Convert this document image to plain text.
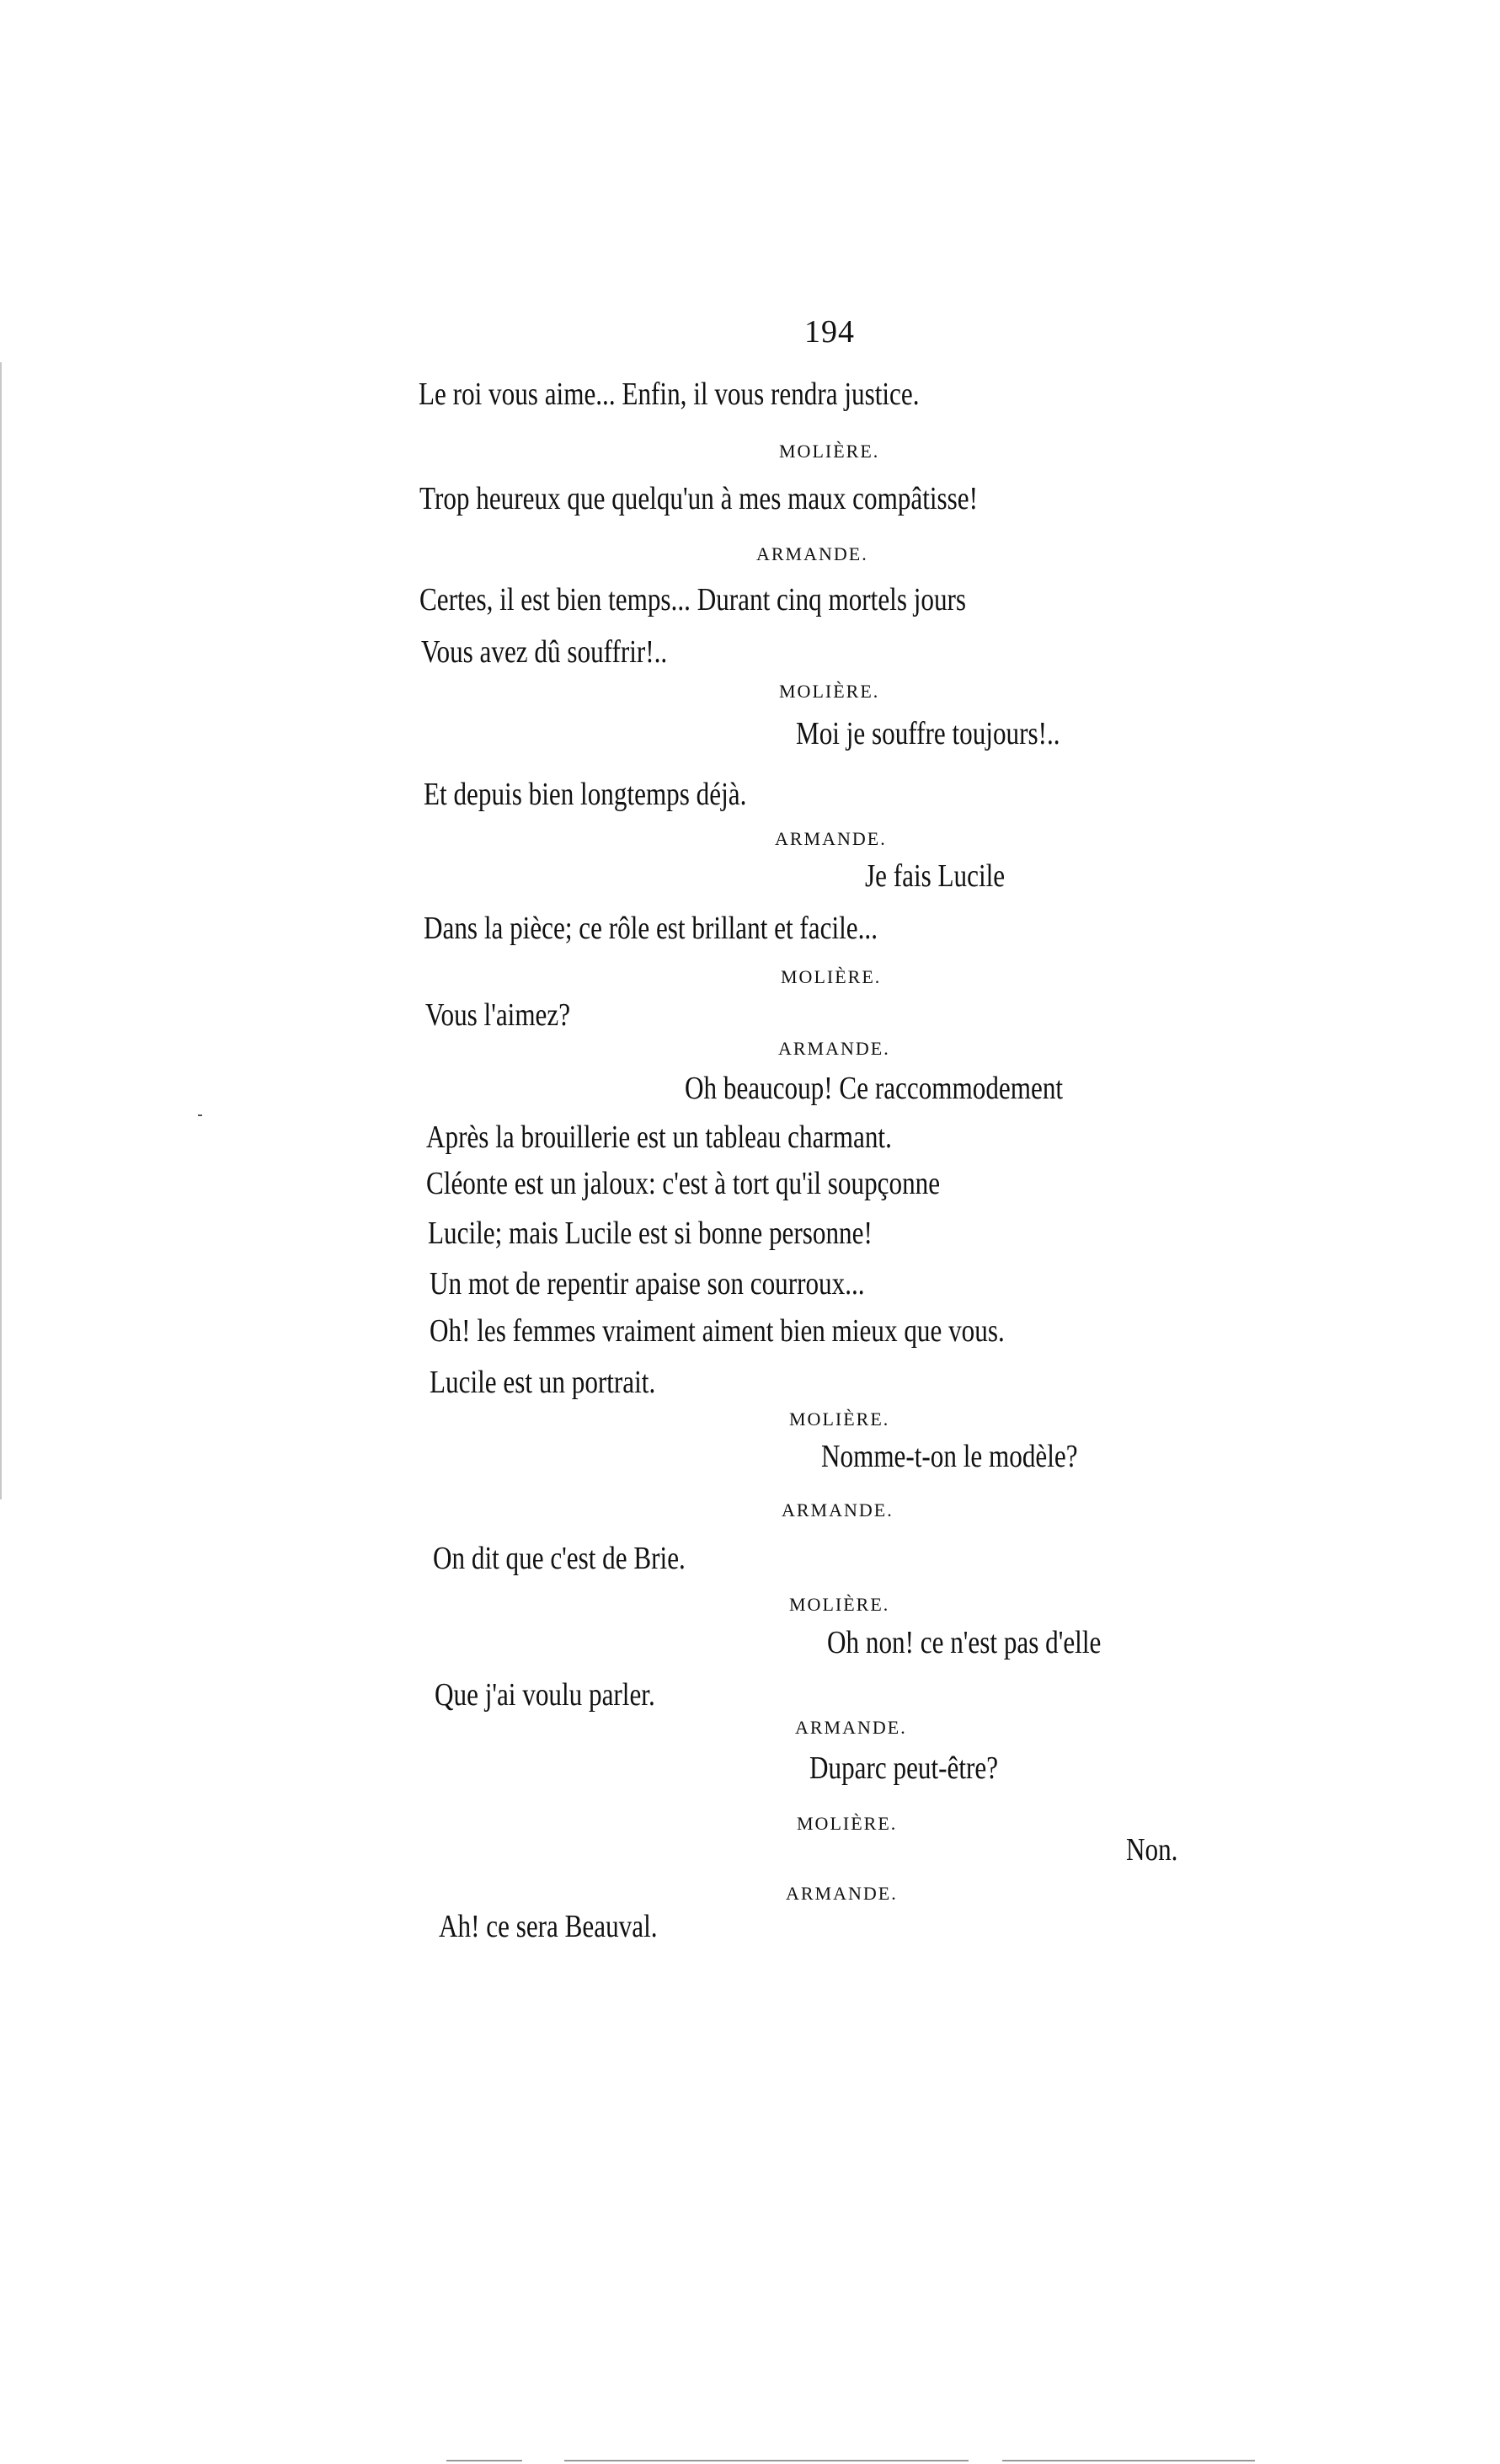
194
Le roi vous aime... Enfin, il vous rendra justice.
MOLIÈRE.
Trop heureux que quelqu'un à mes maux compâtisse!
ARMANDE.
Certes, il est bien temps... Durant cinq mortels jours
Vous avez dû souffrir!..
MOLIÈRE.
Moi je souffre toujours!..
Et depuis bien longtemps déjà.
ARMANDE.
Je fais Lucile
Dans la pièce; ce rôle est brillant et facile...
MOLIÈRE.
Vous l'aimez?
ARMANDE.
Oh beaucoup! Ce raccommodement
Après la brouillerie est un tableau charmant.
Cléonte est un jaloux: c'est à tort qu'il soupçonne
Lucile; mais Lucile est si bonne personne!
Un mot de repentir apaise son courroux...
Oh! les femmes vraiment aiment bien mieux que vous.
Lucile est un portrait.
MOLIÈRE.
Nomme-t-on le modèle?
ARMANDE.
On dit que c'est de Brie.
MOLIÈRE.
Oh non! ce n'est pas d'elle
Que j'ai voulu parler.
ARMANDE.
Duparc peut-être?
MOLIÈRE.
Non.
ARMANDE.
Ah! ce sera Beauval.
